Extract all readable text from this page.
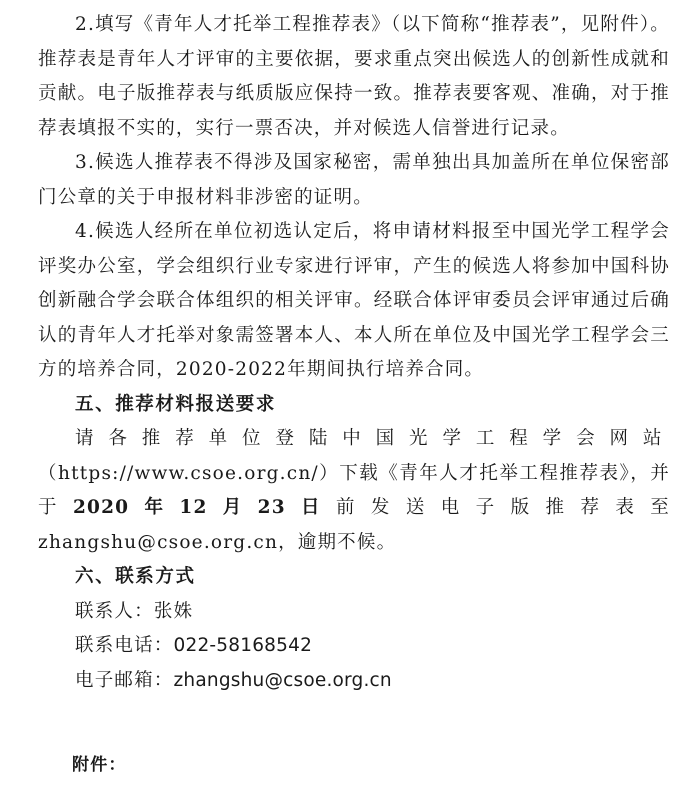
2.填写《青年人才托举工程推荐表》（以下简称“推荐表”，见附件）。推荐表是青年人才评审的主要依据，要求重点突出候选人的创新性成就和贡献。电子版推荐表与纸质版应保持一致。推荐表要客观、准确，对于推荐表填报不实的，实行一票否决，并对候选人信誉进行记录。

3.候选人推荐表不得涉及国家秘密，需单独出具加盖所在单位保密部门公章的关于申报材料非涉密的证明。

4.候选人经所在单位初选认定后，将申请材料报至中国光学工程学会评奖办公室，学会组织行业专家进行评审，产生的候选人将参加中国科协创新融合学会联合体组织的相关评审。经联合体评审委员会评审通过后确认的青年人才托举对象需签署本人、本人所在单位及中国光学工程学会三方的培养合同，2020-2022年期间执行培养合同。

五、推荐材料报送要求

请各推荐单位登陆中国光学工程学会网站（https://www.csoe.org.cn/）下载《青年人才托举工程推荐表》，并于2020年12月23日前发送电子版推荐表至 zhangshu@csoe.org.cn，逾期不候。

六、联系方式

联系人：张姝

联系电话：022-58168542

电子邮箱：zhangshu@csoe.org.cn

附件：
